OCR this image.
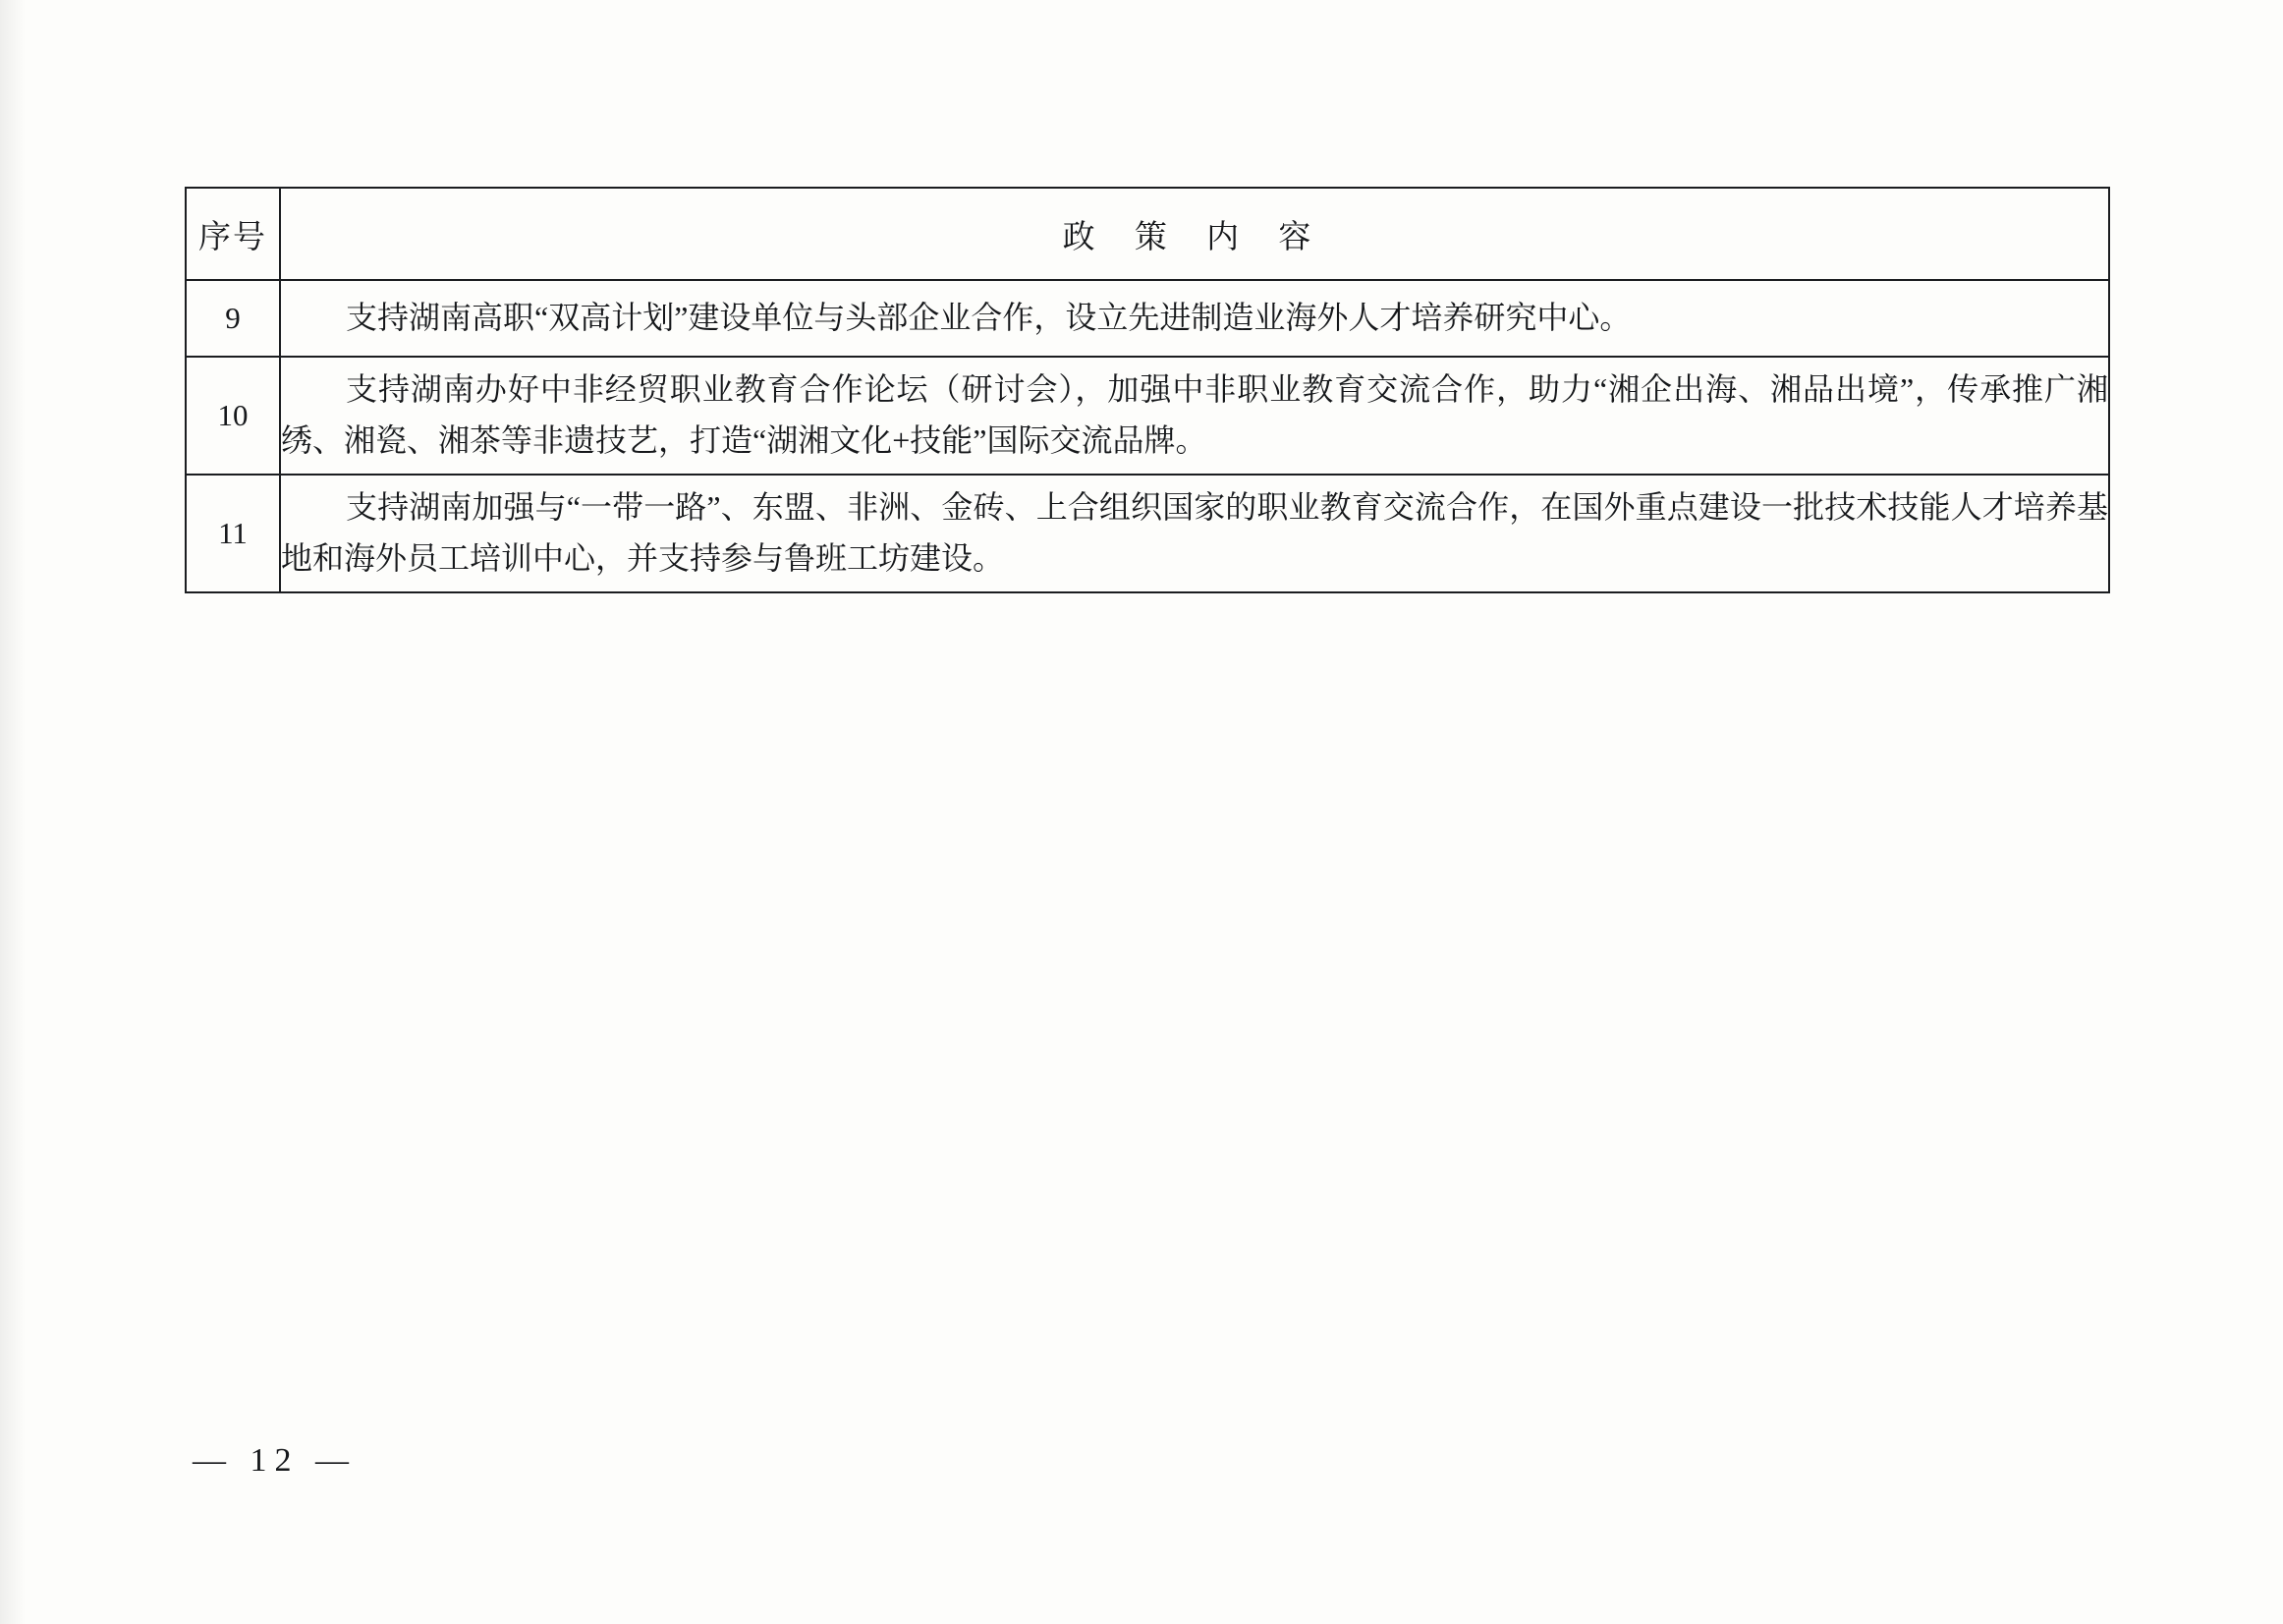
序号	政 策 内 容
9	支持湖南高职“双高计划”建设单位与头部企业合作，设立先进制造业海外人才培养研究中心。
10	支持湖南办好中非经贸职业教育合作论坛（研讨会），加强中非职业教育交流合作，助力“湘企出海、湘品出境”，传承推广湘绣、湘瓷、湘茶等非遗技艺，打造“湖湘文化+技能”国际交流品牌。
11	支持湖南加强与“一带一路”、东盟、非洲、金砖、上合组织国家的职业教育交流合作，在国外重点建设一批技术技能人才培养基地和海外员工培训中心，并支持参与鲁班工坊建设。
— 12 —
